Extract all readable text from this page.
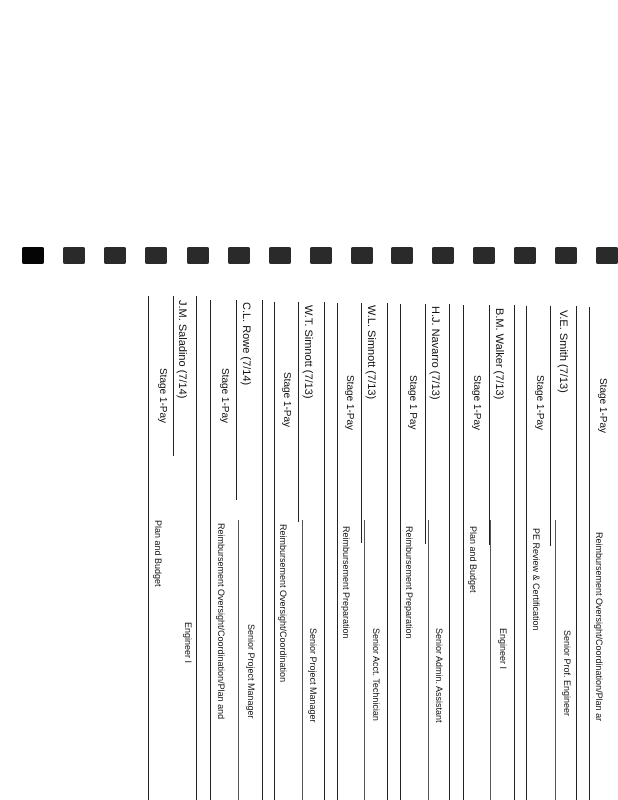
Stage 1-Pay
Reimbursement Oversight/Coordination/Plan ar
V.E. Smith (7/13)
Stage 1-Pay
PE Review & Certification
Senior Prof. Engineer
B.M. Walker (7/13)
Stage 1-Pay
Plan and Budget
Engineer I
H.J. Navarro (7/13)
Stage 1 Pay
Reimbursement Preparation
Senior Admin. Assistant
W.L. Simnott (7/13)
Stage 1-Pay
Reimbursement Preparation
Senior Acct. Technician
W.T. Simnott (7/13)
Stage 1-Pay
Reimbursement Oversight/Coordination Senior Project Manager
C.L. Rowe (7/14)
Stage 1-Pay
Reimbursement Oversight/Coordination/Plan and Senior Project Manager
J.M. Saladino (7/14)
Stage 1-Pay
Plan and Budget
Engineer I
